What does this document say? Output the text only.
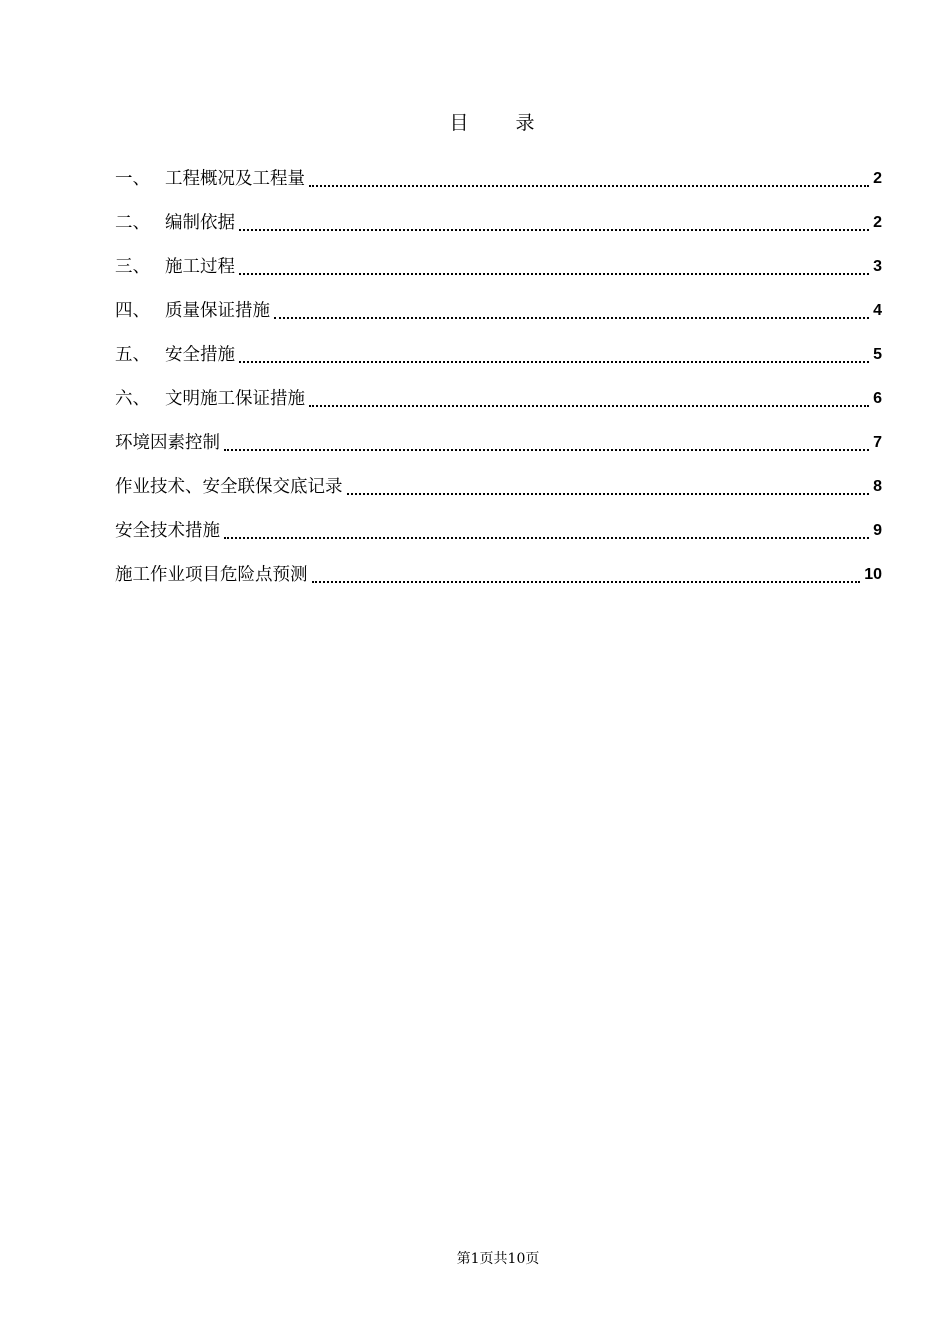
目　录
一、 工程概况及工程量	2
二、 编制依据	2
三、 施工过程	3
四、 质量保证措施	4
五、 安全措施	5
六、 文明施工保证措施	6
环境因素控制	7
作业技术、安全联保交底记录	8
安全技术措施	9
施工作业项目危险点预测	10
第1页共10页
